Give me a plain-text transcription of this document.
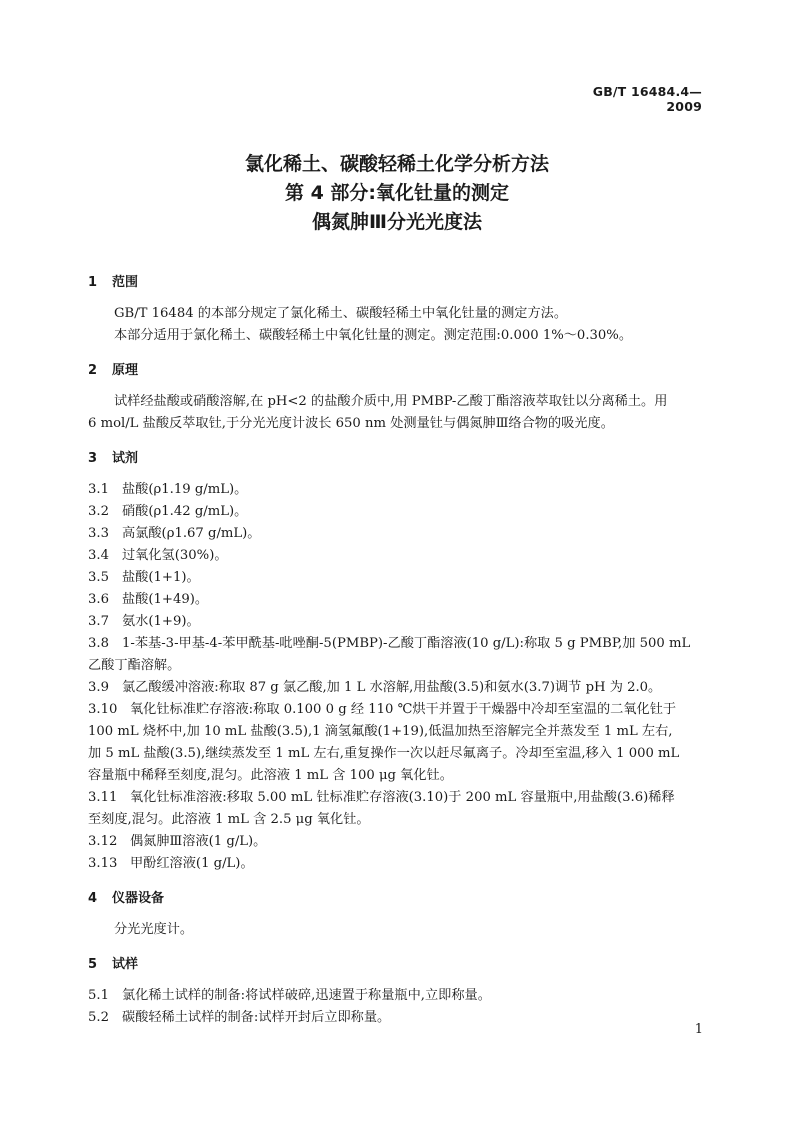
GB/T 16484.4—2009
氯化稀土、碳酸轻稀土化学分析方法
第 4 部分:氧化钍量的测定
偶氮胂Ⅲ分光光度法
1 范围
GB/T 16484 的本部分规定了氯化稀土、碳酸轻稀土中氧化钍量的测定方法。
本部分适用于氯化稀土、碳酸轻稀土中氧化钍量的测定。测定范围:0.000 1%～0.30%。
2 原理
试样经盐酸或硝酸溶解,在 pH<2 的盐酸介质中,用 PMBP-乙酸丁酯溶液萃取钍以分离稀土。用
6 mol/L 盐酸反萃取钍,于分光光度计波长 650 nm 处测量钍与偶氮胂Ⅲ络合物的吸光度。
3 试剂
3.1 盐酸(ρ1.19 g/mL)。
3.2 硝酸(ρ1.42 g/mL)。
3.3 高氯酸(ρ1.67 g/mL)。
3.4 过氧化氢(30%)。
3.5 盐酸(1+1)。
3.6 盐酸(1+49)。
3.7 氨水(1+9)。
3.8 1-苯基-3-甲基-4-苯甲酰基-吡唑酮-5(PMBP)-乙酸丁酯溶液(10 g/L):称取 5 g PMBP,加 500 mL
乙酸丁酯溶解。
3.9 氯乙酸缓冲溶液:称取 87 g 氯乙酸,加 1 L 水溶解,用盐酸(3.5)和氨水(3.7)调节 pH 为 2.0。
3.10 氧化钍标准贮存溶液:称取 0.100 0 g 经 110 ℃烘干并置于干燥器中冷却至室温的二氧化钍于
100 mL 烧杯中,加 10 mL 盐酸(3.5),1 滴氢氟酸(1+19),低温加热至溶解完全并蒸发至 1 mL 左右,
加 5 mL 盐酸(3.5),继续蒸发至 1 mL 左右,重复操作一次以赶尽氟离子。冷却至室温,移入 1 000 mL
容量瓶中稀释至刻度,混匀。此溶液 1 mL 含 100 μg 氧化钍。
3.11 氧化钍标准溶液:移取 5.00 mL 钍标准贮存溶液(3.10)于 200 mL 容量瓶中,用盐酸(3.6)稀释
至刻度,混匀。此溶液 1 mL 含 2.5 μg 氧化钍。
3.12 偶氮胂Ⅲ溶液(1 g/L)。
3.13 甲酚红溶液(1 g/L)。
4 仪器设备
分光光度计。
5 试样
5.1 氯化稀土试样的制备:将试样破碎,迅速置于称量瓶中,立即称量。
5.2 碳酸轻稀土试样的制备:试样开封后立即称量。
1
